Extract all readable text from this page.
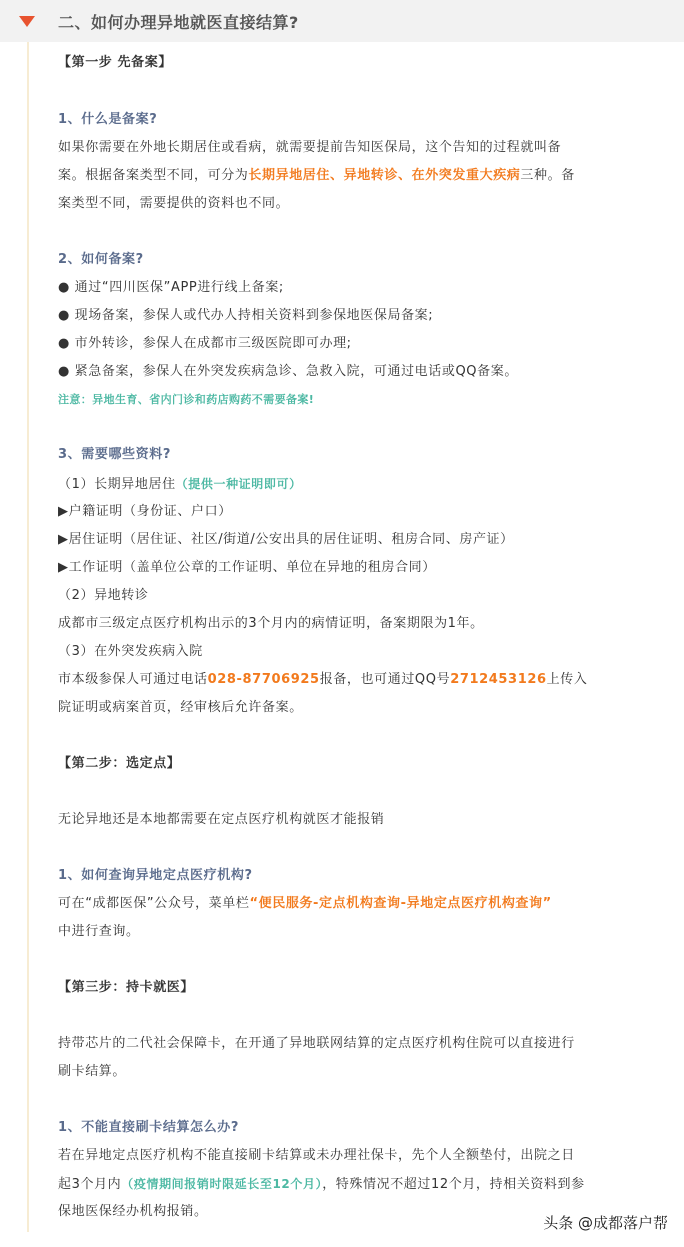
二、如何办理异地就医直接结算?
【第一步 先备案】
1、什么是备案?
如果你需要在外地长期居住或看病，就需要提前告知医保局，这个告知的过程就叫备
案。根据备案类型不同，可分为长期异地居住、异地转诊、在外突发重大疾病三种。备
案类型不同，需要提供的资料也不同。
2、如何备案?
● 通过“四川医保”APP进行线上备案;
● 现场备案，参保人或代办人持相关资料到参保地医保局备案;
● 市外转诊，参保人在成都市三级医院即可办理;
● 紧急备案，参保人在外突发疾病急诊、急救入院，可通过电话或QQ备案。
注意：异地生育、省内门诊和药店购药不需要备案!
3、需要哪些资料?
（1）长期异地居住（提供一种证明即可）
▶户籍证明（身份证、户口）
▶居住证明（居住证、社区/街道/公安出具的居住证明、租房合同、房产证）
▶工作证明（盖单位公章的工作证明、单位在异地的租房合同）
（2）异地转诊
成都市三级定点医疗机构出示的3个月内的病情证明，备案期限为1年。
（3）在外突发疾病入院
市本级参保人可通过电话028-87706925报备，也可通过QQ号2712453126上传入
院证明或病案首页，经审核后允许备案。
【第二步：选定点】
无论异地还是本地都需要在定点医疗机构就医才能报销
1、如何查询异地定点医疗机构?
可在“成都医保”公众号，菜单栏“便民服务-定点机构查询-异地定点医疗机构查询”
中进行查询。
【第三步：持卡就医】
持带芯片的二代社会保障卡，在开通了异地联网结算的定点医疗机构住院可以直接进行
刷卡结算。
1、不能直接刷卡结算怎么办?
若在异地定点医疗机构不能直接刷卡结算或未办理社保卡，先个人全额垫付，出院之日
起3个月内（疫情期间报销时限延长至12个月），特殊情况不超过12个月，持相关资料到参
保地医保经办机构报销。
头条 @成都落户帮
